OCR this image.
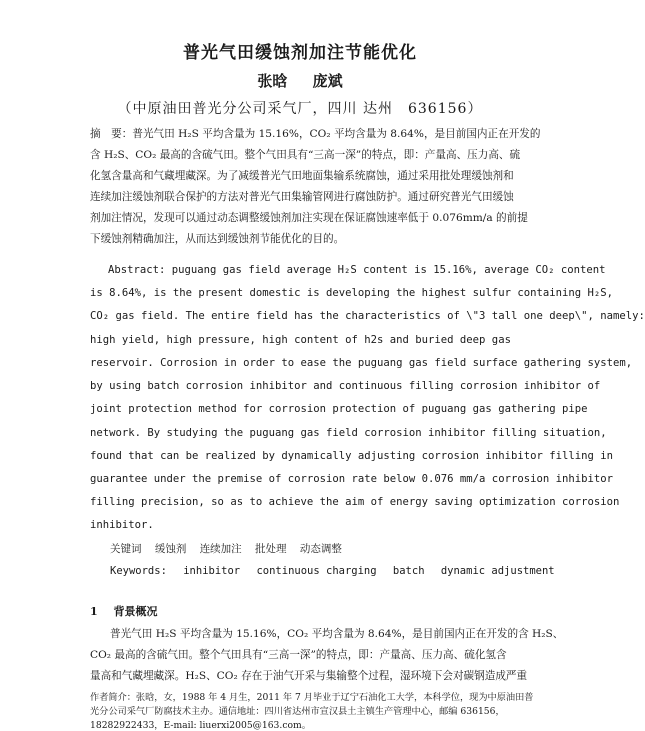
普光气田缓蚀剂加注节能优化
张晗 庞斌
（中原油田普光分公司采气厂，四川 达州　636156）
摘　要：普光气田 H₂S 平均含量为 15.16%，CO₂ 平均含量为 8.64%，是目前国内正在开发的
含 H₂S、CO₂ 最高的含硫气田。整个气田具有“三高一深”的特点，即：产量高、压力高、硫
化氢含量高和气藏埋藏深。为了减缓普光气田地面集输系统腐蚀，通过采用批处理缓蚀剂和
连续加注缓蚀剂联合保护的方法对普光气田集输管网进行腐蚀防护。通过研究普光气田缓蚀
剂加注情况，发现可以通过动态调整缓蚀剂加注实现在保证腐蚀速率低于 0.076mm/a 的前提
下缓蚀剂精确加注，从而达到缓蚀剂节能优化的目的。
Abstract: puguang gas field average H₂S content is 15.16%, average CO₂ content
is 8.64%, is the present domestic is developing the highest sulfur containing H₂S,
CO₂ gas field. The entire field has the characteristics of \"3 tall one deep\", namely:
high yield, high pressure, high content of h2s and buried deep gas
reservoir. Corrosion in order to ease the puguang gas field surface gathering system,
by using batch corrosion inhibitor and continuous filling corrosion inhibitor of
joint protection method for corrosion protection of puguang gas gathering pipe
network. By studying the puguang gas field corrosion inhibitor filling situation,
found that can be realized by dynamically adjusting corrosion inhibitor filling in
guarantee under the premise of corrosion rate below 0.076 mm/a corrosion inhibitor
filling precision, so as to achieve the aim of energy saving optimization corrosion
inhibitor.
关键词 缓蚀剂 连续加注 批处理 动态调整
Keywords: inhibitor continuous charging batch dynamic adjustment
1 背景概况
普光气田 H₂S 平均含量为 15.16%，CO₂ 平均含量为 8.64%，是目前国内正在开发的含 H₂S、
CO₂ 最高的含硫气田。整个气田具有“三高一深”的特点，即：产量高、压力高、硫化氢含
量高和气藏埋藏深。H₂S、CO₂ 存在于油气开采与集输整个过程，湿环境下会对碳钢造成严重
作者简介：张晗，女，1988 年 4 月生，2011 年 7 月毕业于辽宁石油化工大学，本科学位，现为中原油田普
光分公司采气厂防腐技术主办。通信地址：四川省达州市宣汉县土主镇生产管理中心，邮编 636156，
18282922433，E-mail: liuerxi2005@163.com。
